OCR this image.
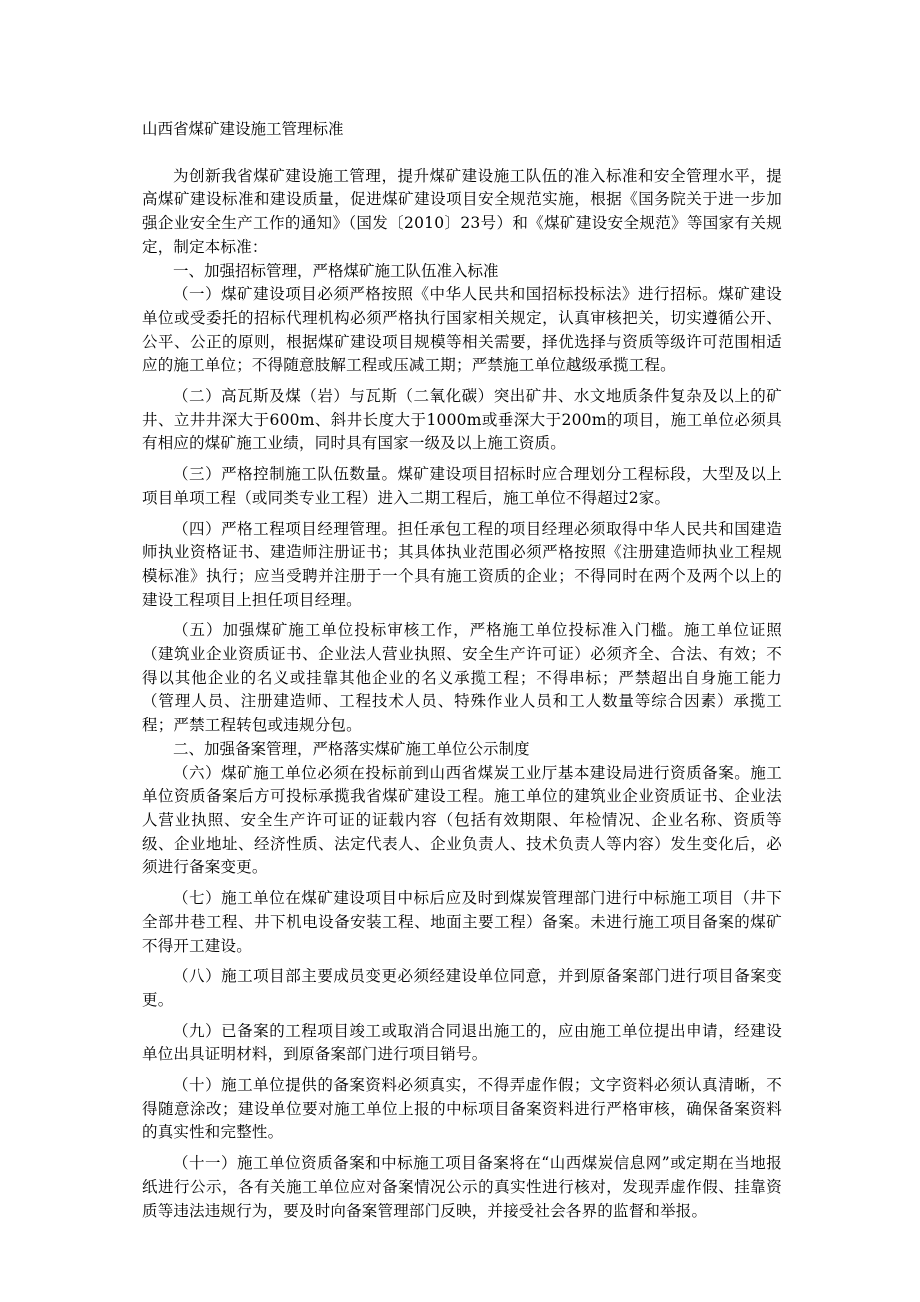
山西省煤矿建设施工管理标准

为创新我省煤矿建设施工管理，提升煤矿建设施工队伍的准入标准和安全管理水平，提高煤矿建设标准和建设质量，促进煤矿建设项目安全规范实施，根据《国务院关于进一步加强企业安全生产工作的通知》（国发〔2010〕23号）和《煤矿建设安全规范》等国家有关规定，制定本标准：

一、加强招标管理，严格煤矿施工队伍准入标准

（一）煤矿建设项目必须严格按照《中华人民共和国招标投标法》进行招标。煤矿建设单位或受委托的招标代理机构必须严格执行国家相关规定，认真审核把关，切实遵循公开、公平、公正的原则，根据煤矿建设项目规模等相关需要，择优选择与资质等级许可范围相适应的施工单位；不得随意肢解工程或压减工期；严禁施工单位越级承揽工程。

（二）高瓦斯及煤（岩）与瓦斯（二氧化碳）突出矿井、水文地质条件复杂及以上的矿井、立井井深大于600m、斜井长度大于1000m或垂深大于200m的项目，施工单位必须具有相应的煤矿施工业绩，同时具有国家一级及以上施工资质。

（三）严格控制施工队伍数量。煤矿建设项目招标时应合理划分工程标段，大型及以上项目单项工程（或同类专业工程）进入二期工程后，施工单位不得超过2家。

（四）严格工程项目经理管理。担任承包工程的项目经理必须取得中华人民共和国建造师执业资格证书、建造师注册证书；其具体执业范围必须严格按照《注册建造师执业工程规模标准》执行；应当受聘并注册于一个具有施工资质的企业；不得同时在两个及两个以上的建设工程项目上担任项目经理。

（五）加强煤矿施工单位投标审核工作，严格施工单位投标准入门槛。施工单位证照（建筑业企业资质证书、企业法人营业执照、安全生产许可证）必须齐全、合法、有效；不得以其他企业的名义或挂靠其他企业的名义承揽工程；不得串标；严禁超出自身施工能力（管理人员、注册建造师、工程技术人员、特殊作业人员和工人数量等综合因素）承揽工程；严禁工程转包或违规分包。

二、加强备案管理，严格落实煤矿施工单位公示制度

（六）煤矿施工单位必须在投标前到山西省煤炭工业厅基本建设局进行资质备案。施工单位资质备案后方可投标承揽我省煤矿建设工程。施工单位的建筑业企业资质证书、企业法人营业执照、安全生产许可证的证载内容（包括有效期限、年检情况、企业名称、资质等级、企业地址、经济性质、法定代表人、企业负责人、技术负责人等内容）发生变化后，必须进行备案变更。

（七）施工单位在煤矿建设项目中标后应及时到煤炭管理部门进行中标施工项目（井下全部井巷工程、井下机电设备安装工程、地面主要工程）备案。未进行施工项目备案的煤矿不得开工建设。

（八）施工项目部主要成员变更必须经建设单位同意，并到原备案部门进行项目备案变更。

（九）已备案的工程项目竣工或取消合同退出施工的，应由施工单位提出申请，经建设单位出具证明材料，到原备案部门进行项目销号。

（十）施工单位提供的备案资料必须真实，不得弄虚作假；文字资料必须认真清晰，不得随意涂改；建设单位要对施工单位上报的中标项目备案资料进行严格审核，确保备案资料的真实性和完整性。

（十一）施工单位资质备案和中标施工项目备案将在“山西煤炭信息网”或定期在当地报纸进行公示，各有关施工单位应对备案情况公示的真实性进行核对，发现弄虚作假、挂靠资质等违法违规行为，要及时向备案管理部门反映，并接受社会各界的监督和举报。
